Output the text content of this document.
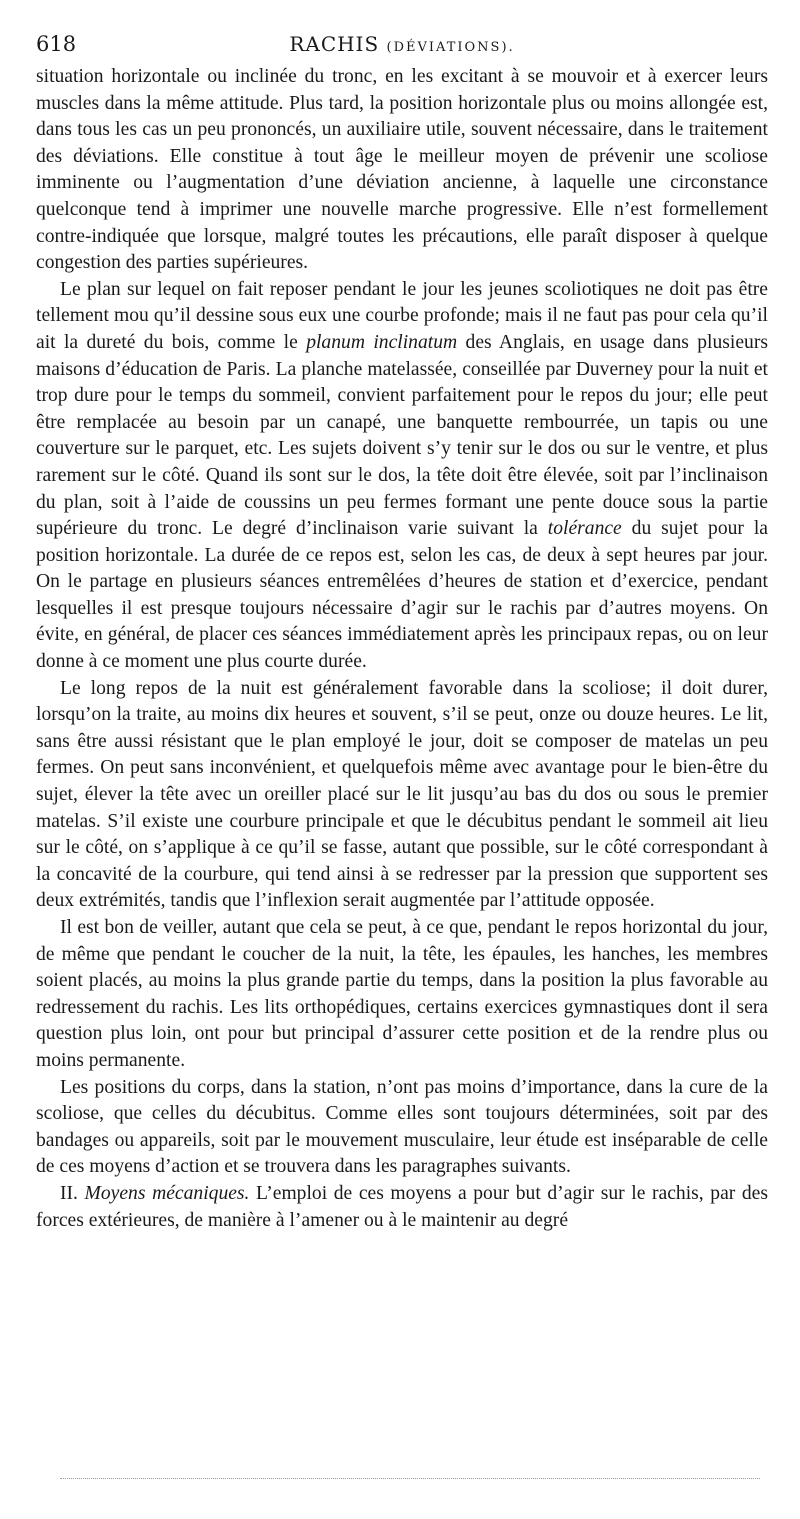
618	RACHIS (DÉVIATIONS).

situation horizontale ou inclinée du tronc, en les excitant à se mouvoir et à exercer leurs muscles dans la même attitude. Plus tard, la position horizontale plus ou moins allongée est, dans tous les cas un peu prononcés, un auxiliaire utile, souvent nécessaire, dans le traitement des déviations. Elle constitue à tout âge le meilleur moyen de prévenir une scoliose imminente ou l’augmentation d’une déviation ancienne, à laquelle une circonstance quelconque tend à imprimer une nouvelle marche progressive. Elle n’est formellement contre-indiquée que lorsque, malgré toutes les précautions, elle paraît disposer à quelque congestion des parties supérieures.

Le plan sur lequel on fait reposer pendant le jour les jeunes scoliotiques ne doit pas être tellement mou qu’il dessine sous eux une courbe profonde; mais il ne faut pas pour cela qu’il ait la dureté du bois, comme le planum inclinatum des Anglais, en usage dans plusieurs maisons d’éducation de Paris. La planche matelassée, conseillée par Duverney pour la nuit et trop dure pour le temps du sommeil, convient parfaitement pour le repos du jour; elle peut être remplacée au besoin par un canapé, une banquette rembourrée, un tapis ou une couverture sur le parquet, etc. Les sujets doivent s’y tenir sur le dos ou sur le ventre, et plus rarement sur le côté. Quand ils sont sur le dos, la tête doit être élevée, soit par l’inclinaison du plan, soit à l’aide de coussins un peu fermes formant une pente douce sous la partie supérieure du tronc. Le degré d’inclinaison varie suivant la tolérance du sujet pour la position horizontale. La durée de ce repos est, selon les cas, de deux à sept heures par jour. On le partage en plusieurs séances entremêlées d’heures de station et d’exercice, pendant lesquelles il est presque toujours nécessaire d’agir sur le rachis par d’autres moyens. On évite, en général, de placer ces séances immédiatement après les principaux repas, ou on leur donne à ce moment une plus courte durée.

Le long repos de la nuit est généralement favorable dans la scoliose; il doit durer, lorsqu’on la traite, au moins dix heures et souvent, s’il se peut, onze ou douze heures. Le lit, sans être aussi résistant que le plan employé le jour, doit se composer de matelas un peu fermes. On peut sans inconvénient, et quelquefois même avec avantage pour le bien-être du sujet, élever la tête avec un oreiller placé sur le lit jusqu’au bas du dos ou sous le premier matelas. S’il existe une courbure principale et que le décubitus pendant le sommeil ait lieu sur le côté, on s’applique à ce qu’il se fasse, autant que possible, sur le côté correspondant à la concavité de la courbure, qui tend ainsi à se redresser par la pression que supportent ses deux extrémités, tandis que l’inflexion serait augmentée par l’attitude opposée.

Il est bon de veiller, autant que cela se peut, à ce que, pendant le repos horizontal du jour, de même que pendant le coucher de la nuit, la tête, les épaules, les hanches, les membres soient placés, au moins la plus grande partie du temps, dans la position la plus favorable au redressement du rachis. Les lits orthopédiques, certains exercices gymnastiques dont il sera question plus loin, ont pour but principal d’assurer cette position et de la rendre plus ou moins permanente.

Les positions du corps, dans la station, n’ont pas moins d’importance, dans la cure de la scoliose, que celles du décubitus. Comme elles sont toujours déterminées, soit par des bandages ou appareils, soit par le mouvement musculaire, leur étude est inséparable de celle de ces moyens d’action et se trouvera dans les paragraphes suivants.

II. Moyens mécaniques. L’emploi de ces moyens a pour but d’agir sur le rachis, par des forces extérieures, de manière à l’amener ou à le maintenir au degré
